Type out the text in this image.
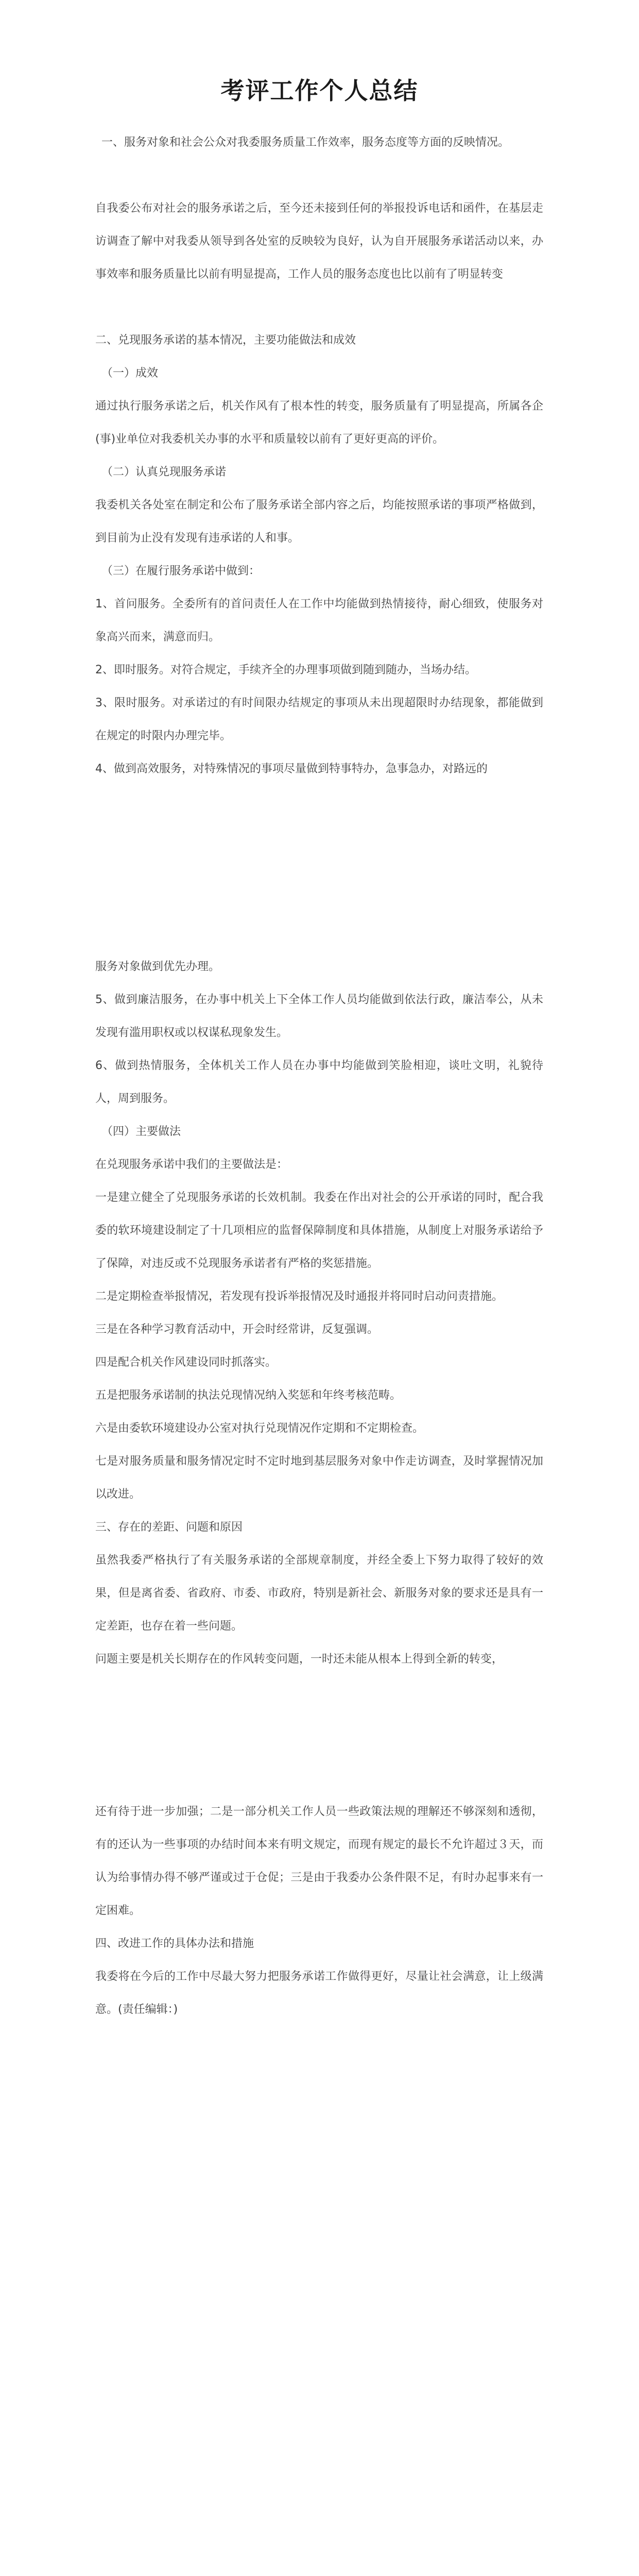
考评工作个人总结
一、服务对象和社会公众对我委服务质量工作效率，服务态度等方面的反映情况。
自我委公布对社会的服务承诺之后，至今还未接到任何的举报投诉电话和函件，在基层走访调查了解中对我委从领导到各处室的反映较为良好，认为自开展服务承诺活动以来，办事效率和服务质量比以前有明显提高，工作人员的服务态度也比以前有了明显转变
二、兑现服务承诺的基本情况，主要功能做法和成效
（一）成效
通过执行服务承诺之后，机关作风有了根本性的转变，服务质量有了明显提高，所属各企(事)业单位对我委机关办事的水平和质量较以前有了更好更高的评价。
（二）认真兑现服务承诺
我委机关各处室在制定和公布了服务承诺全部内容之后，均能按照承诺的事项严格做到，到目前为止没有发现有违承诺的人和事。
（三）在履行服务承诺中做到：
1、首问服务。全委所有的首问责任人在工作中均能做到热情接待，耐心细致，使服务对象高兴而来，满意而归。
2、即时服务。对符合规定，手续齐全的办理事项做到随到随办，当场办结。
3、限时服务。对承诺过的有时间限办结规定的事项从未出现超限时办结现象，都能做到在规定的时限内办理完毕。
4、做到高效服务，对特殊情况的事项尽量做到特事特办，急事急办，对路远的
服务对象做到优先办理。
5、做到廉洁服务，在办事中机关上下全体工作人员均能做到依法行政，廉洁奉公，从未发现有滥用职权或以权谋私现象发生。
6、做到热情服务，全体机关工作人员在办事中均能做到笑脸相迎，谈吐文明，礼貌待人，周到服务。
（四）主要做法
在兑现服务承诺中我们的主要做法是：
一是建立健全了兑现服务承诺的长效机制。我委在作出对社会的公开承诺的同时，配合我委的软环境建设制定了十几项相应的监督保障制度和具体措施，从制度上对服务承诺给予了保障，对违反或不兑现服务承诺者有严格的奖惩措施。
二是定期检查举报情况，若发现有投诉举报情况及时通报并将同时启动问责措施。
三是在各种学习教育活动中，开会时经常讲，反复强调。
四是配合机关作风建设同时抓落实。
五是把服务承诺制的执法兑现情况纳入奖惩和年终考核范畴。
六是由委软环境建设办公室对执行兑现情况作定期和不定期检查。
七是对服务质量和服务情况定时不定时地到基层服务对象中作走访调查，及时掌握情况加以改进。
三、存在的差距、问题和原因
虽然我委严格执行了有关服务承诺的全部规章制度，并经全委上下努力取得了较好的效果，但是离省委、省政府、市委、市政府，特别是新社会、新服务对象的要求还是具有一定差距，也存在着一些问题。
问题主要是机关长期存在的作风转变问题，一时还未能从根本上得到全新的转变，
还有待于进一步加强；二是一部分机关工作人员一些政策法规的理解还不够深刻和透彻，有的还认为一些事项的办结时间本来有明文规定，而现有规定的最长不允许超过３天，而认为给事情办得不够严谨或过于仓促；三是由于我委办公条件限不足，有时办起事来有一定困难。
四、改进工作的具体办法和措施
我委将在今后的工作中尽最大努力把服务承诺工作做得更好，尽量让社会满意，让上级满意。(责任编辑：)
